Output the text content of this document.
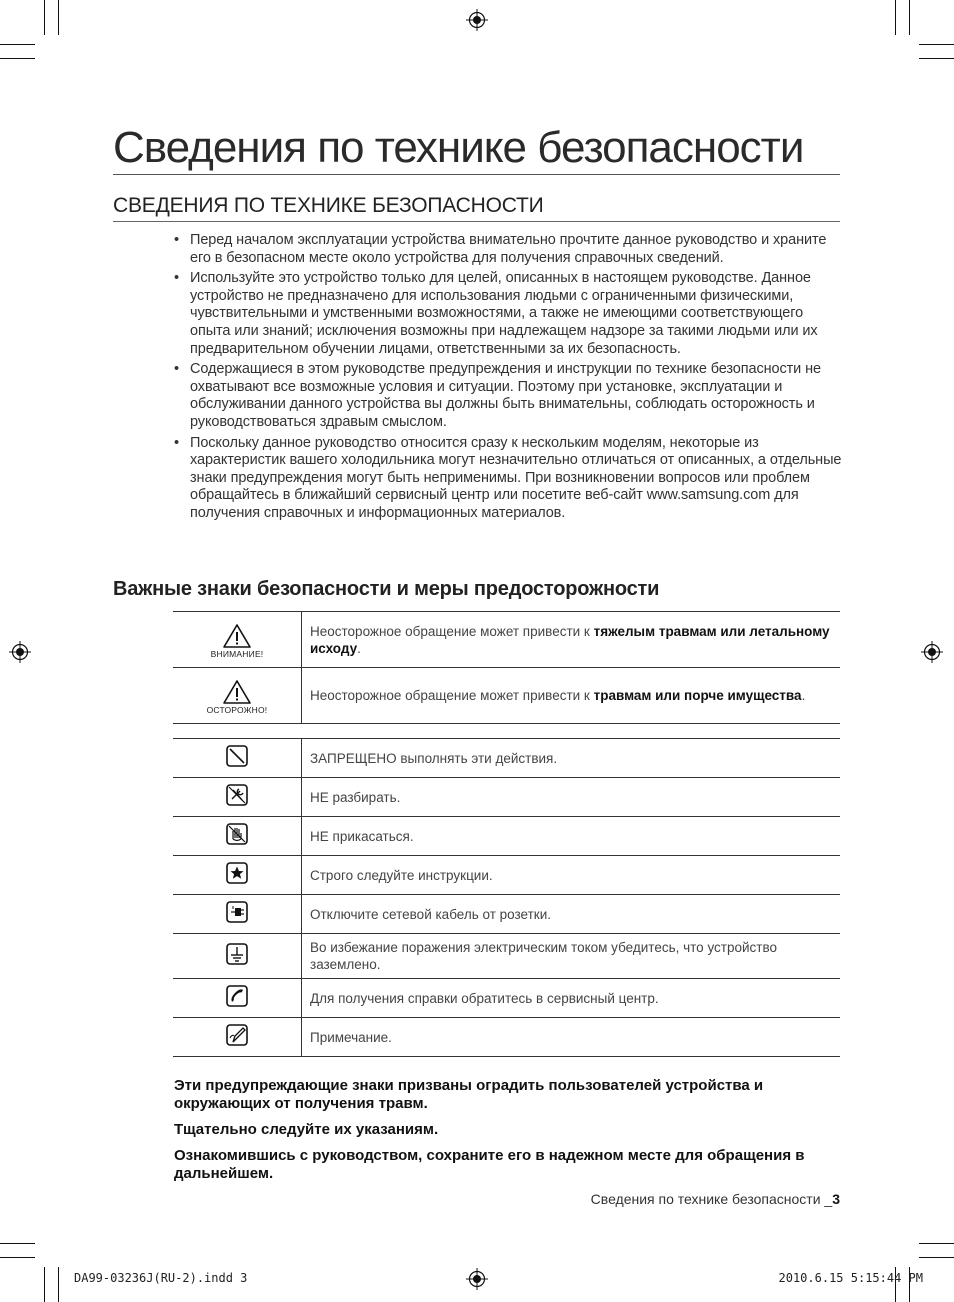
Сведения по технике безопасности
СВЕДЕНИЯ ПО ТЕХНИКЕ БЕЗОПАСНОСТИ
• Перед началом эксплуатации устройства внимательно прочтите данное руководство и храните его в безопасном месте около устройства для получения справочных сведений.
• Используйте это устройство только для целей, описанных в настоящем руководстве. Данное устройство не предназначено для использования людьми с ограниченными физическими, чувствительными и умственными возможностями, а также не имеющими соответствующего опыта или знаний; исключения возможны при надлежащем надзоре за такими людьми или их предварительном обучении лицами, ответственными за их безопасность.
• Содержащиеся в этом руководстве предупреждения и инструкции по технике безопасности не охватывают все возможные условия и ситуации. Поэтому при установке, эксплуатации и обслуживании данного устройства вы должны быть внимательны, соблюдать осторожность и руководствоваться здравым смыслом.
• Поскольку данное руководство относится сразу к нескольким моделям, некоторые из характеристик вашего холодильника могут незначительно отличаться от описанных, а отдельные знаки предупреждения могут быть неприменимы. При возникновении вопросов или проблем обращайтесь в ближайший сервисный центр или посетите веб-сайт www.samsung.com для получения справочных и информационных материалов.
Важные знаки безопасности и меры предосторожности
ВНИМАНИЕ!	Неосторожное обращение может привести к тяжелым травмам или летальному исходу.

ОСТОРОЖНО!	Неосторожное обращение может привести к травмам или порче имущества.
	ЗАПРЕЩЕНО выполнять эти действия.
	НЕ разбирать.
	НЕ прикасаться.
	Строго следуйте инструкции.
	Отключите сетевой кабель от розетки.
	Во избежание поражения электрическим током убедитесь, что устройство заземлено.
	Для получения справки обратитесь в сервисный центр.
	Примечание.

Эти предупреждающие знаки призваны оградить пользователей устройства и окружающих от получения травм.

Тщательно следуйте их указаниям.

Ознакомившись с руководством, сохраните его в надежном месте для обращения в дальнейшем.

Сведения по технике безопасности _3
DA99-03236J(RU-2).indd 3	2010.6.15 5:15:44 PM
